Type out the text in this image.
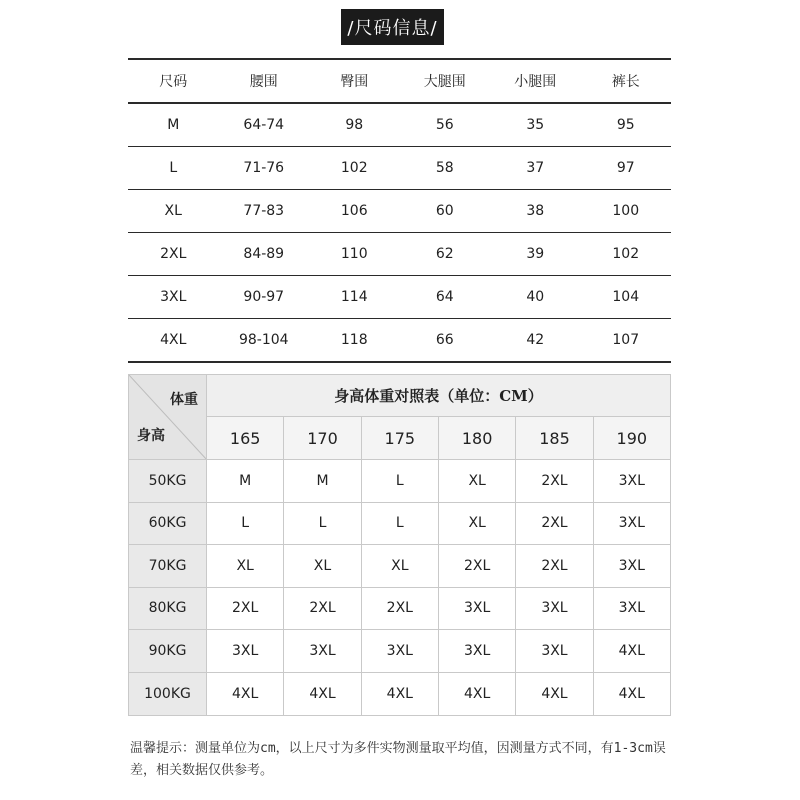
/尺码信息/
尺码	腰围	臀围	大腿围	小腿围	裤长
M	64-74	98	56	35	95
L	71-76	102	58	37	97
XL	77-83	106	60	38	100
2XL	84-89	110	62	39	102
3XL	90-97	114	64	40	104
4XL	98-104	118	66	42	107
体重
身高
身高体重对照表（单位：CM）
165	170	175	180	185	190
50KG	M	M	L	XL	2XL	3XL
60KG	L	L	L	XL	2XL	3XL
70KG	XL	XL	XL	2XL	2XL	3XL
80KG	2XL	2XL	2XL	3XL	3XL	3XL
90KG	3XL	3XL	3XL	3XL	3XL	4XL
100KG	4XL	4XL	4XL	4XL	4XL	4XL
温馨提示：测量单位为cm，以上尺寸为多件实物测量取平均值，因测量方式不同，有1-3cm误差，相关数据仅供参考。
